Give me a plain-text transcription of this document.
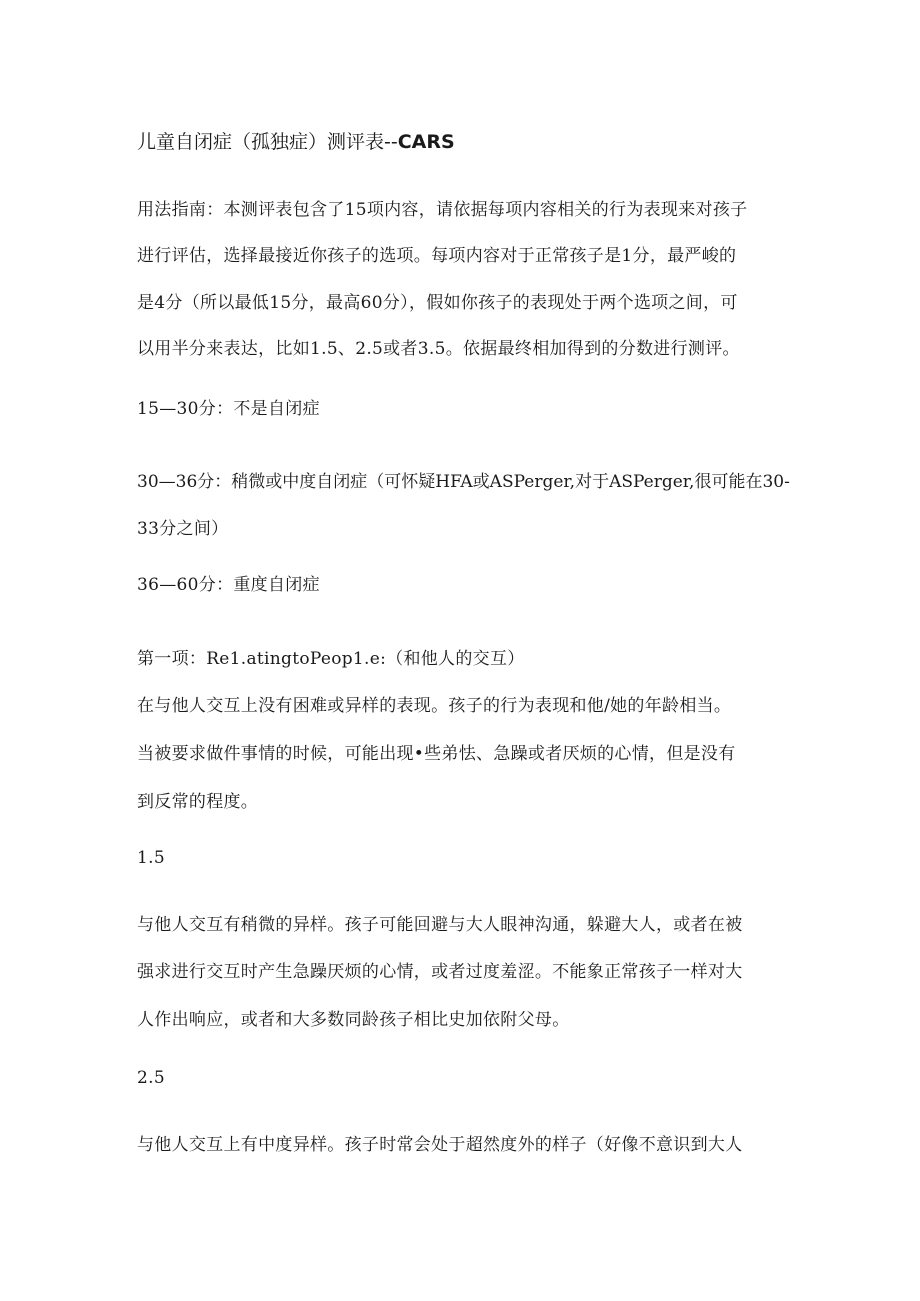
儿童自闭症（孤独症）测评表--CARS
用法指南：本测评表包含了15项内容，请依据每项内容相关的行为表现来对孩子
进行评估，选择最接近你孩子的选项。每项内容对于正常孩子是1分，最严峻的
是4分（所以最低15分，最高60分），假如你孩子的表现处于两个选项之间，可
以用半分来表达，比如1.5、2.5或者3.5。依据最终相加得到的分数进行测评。
15—30分：不是自闭症
30—36分：稍微或中度自闭症（可怀疑HFA或ASPerger,对于ASPerger,很可能在30-
33分之间）
36—60分：重度自闭症
第一项：Re1.atingtoPeop1.e:（和他人的交互）
在与他人交互上没有困难或异样的表现。孩子的行为表现和他/她的年龄相当。
当被要求做件事情的时候，可能出现•些弟怯、急躁或者厌烦的心情，但是没有
到反常的程度。
1.5
与他人交互有稍微的异样。孩子可能回避与大人眼神沟通，躲避大人，或者在被
强求进行交互时产生急躁厌烦的心情，或者过度羞涩。不能象正常孩子一样对大
人作出响应，或者和大多数同龄孩子相比史加依附父母。
2.5
与他人交互上有中度异样。孩子时常会处于超然度外的样子（好像不意识到大人
